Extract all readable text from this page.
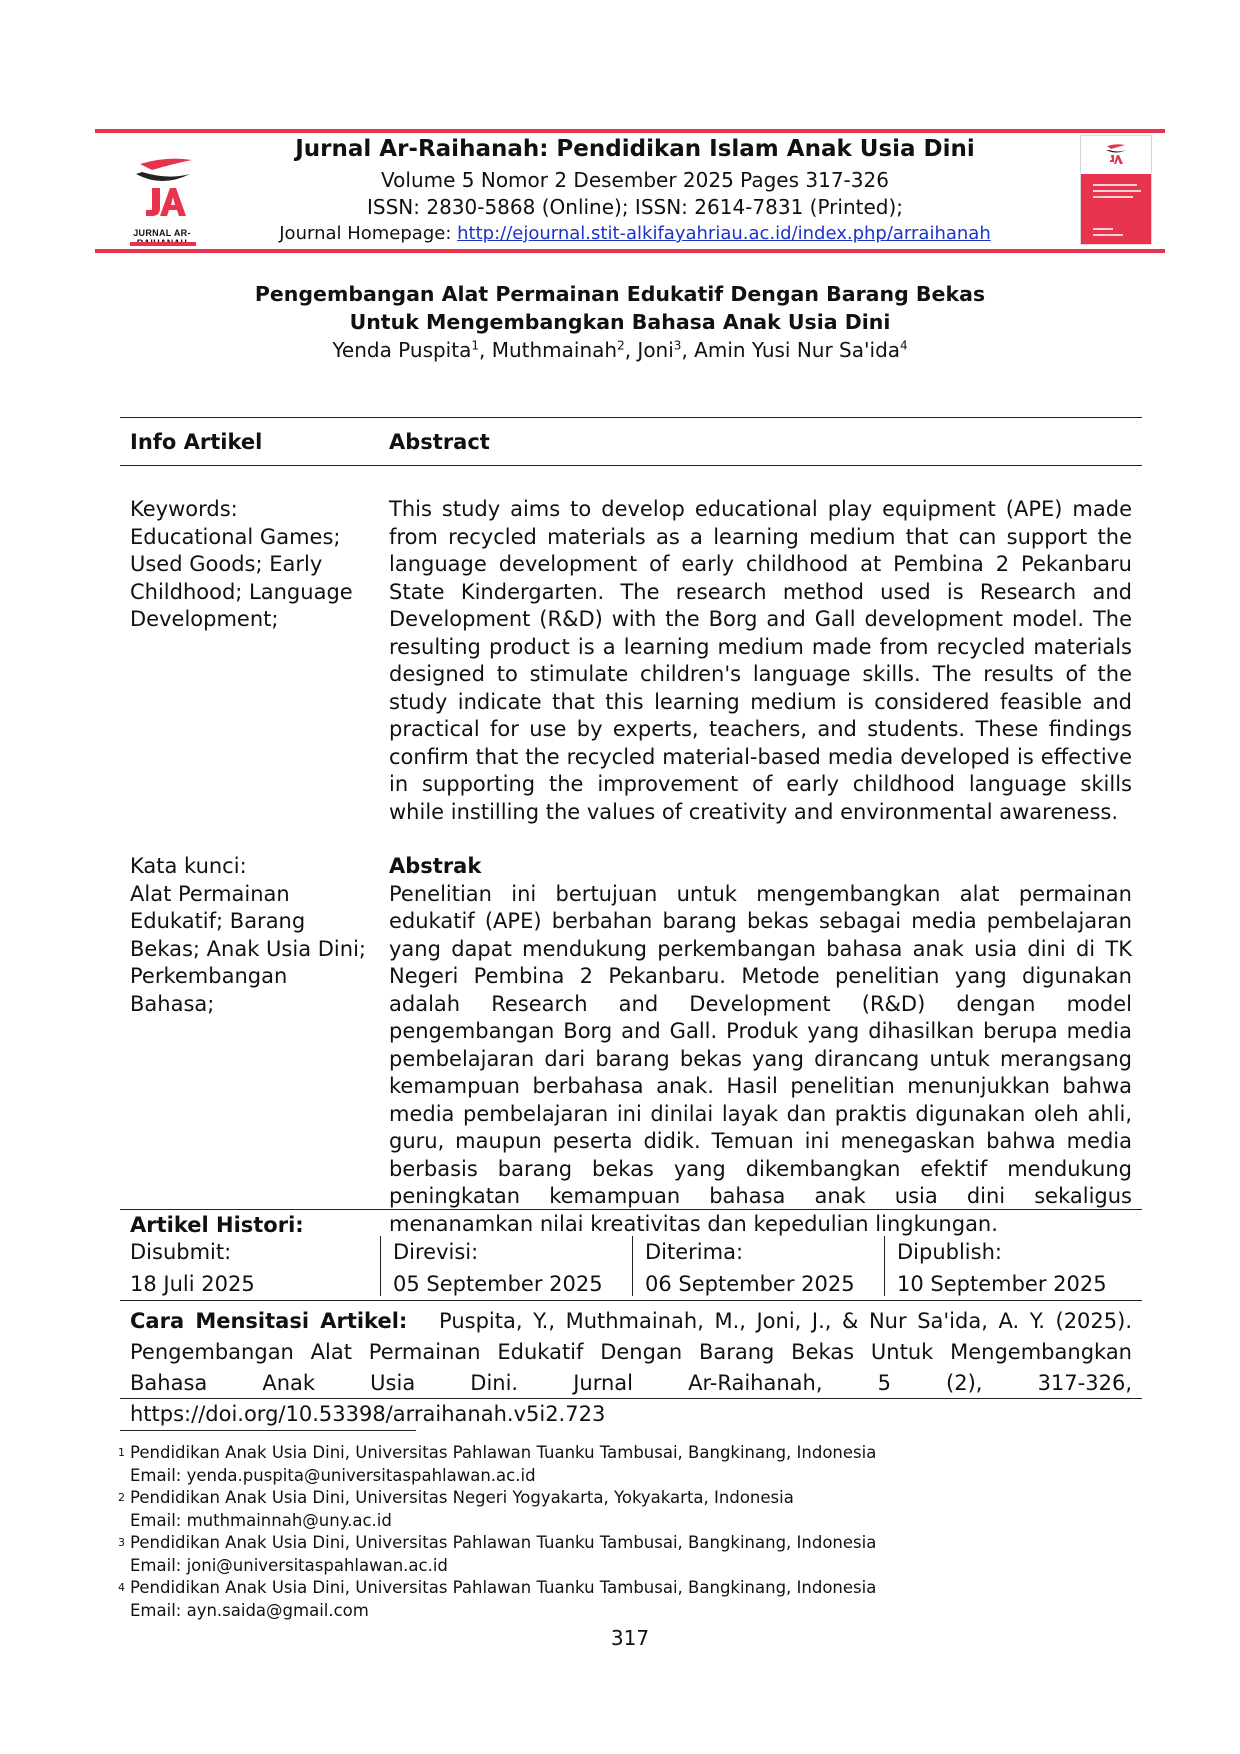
JURNAL AR-
Jurnal Ar-Raihanah: Pendidikan Islam Anak Usia Dini
Volume 5 Nomor 2 Desember 2025 Pages 317-326
ISSN: 2830-5868 (Online); ISSN: 2614-7831 (Printed);
Journal Homepage: http://ejournal.stit-alkifayahriau.ac.id/index.php/arraihanah
Pengembangan Alat Permainan Edukatif Dengan Barang Bekas
Untuk Mengembangkan Bahasa Anak Usia Dini
Yenda Puspita$^1$, Muthmainah$^2$, Joni$^3$, Amin Yusi Nur Sa'ida$^4$
Info Artikel	Abstract
Keywords:
Educational Games;
Used Goods; Early
Childhood; Language
Development;
This study aims to develop educational play equipment (APE) made from recycled materials as a learning medium that can support the language development of early childhood at Pembina 2 Pekanbaru State Kindergarten. The research method used is Research and Development (R&D) with the Borg and Gall development model. The resulting product is a learning medium made from recycled materials designed to stimulate children's language skills. The results of the study indicate that this learning medium is considered feasible and practical for use by experts, teachers, and students. These findings confirm that the recycled material-based media developed is effective in supporting the improvement of early childhood language skills while instilling the values of creativity and environmental awareness.
Kata kunci:
Alat Permainan
Edukatif; Barang
Bekas; Anak Usia Dini;
Perkembangan
Bahasa;
Abstrak
Penelitian ini bertujuan untuk mengembangkan alat permainan edukatif (APE) berbahan barang bekas sebagai media pembelajaran yang dapat mendukung perkembangan bahasa anak usia dini di TK Negeri Pembina 2 Pekanbaru. Metode penelitian yang digunakan adalah Research and Development (R&D) dengan model pengembangan Borg and Gall. Produk yang dihasilkan berupa media pembelajaran dari barang bekas yang dirancang untuk merangsang kemampuan berbahasa anak. Hasil penelitian menunjukkan bahwa media pembelajaran ini dinilai layak dan praktis digunakan oleh ahli, guru, maupun peserta didik. Temuan ini menegaskan bahwa media berbasis barang bekas yang dikembangkan efektif mendukung peningkatan kemampuan bahasa anak usia dini sekaligus menanamkan nilai kreativitas dan kepedulian lingkungan.
Artikel Histori:
Disubmit:
18 Juli 2025
Direvisi:
05 September 2025
Diterima:
06 September 2025
Dipublish:
10 September 2025
Cara Mensitasi Artikel: Puspita, Y., Muthmainah, M., Joni, J., & Nur Sa'ida, A. Y. (2025). Pengembangan Alat Permainan Edukatif Dengan Barang Bekas Untuk Mengembangkan Bahasa Anak Usia Dini. Jurnal Ar-Raihanah, 5 (2), 317-326, https://doi.org/10.53398/arraihanah.v5i2.723
1 Pendidikan Anak Usia Dini, Universitas Pahlawan Tuanku Tambusai, Bangkinang, Indonesia
Email: yenda.puspita@universitaspahlawan.ac.id
2 Pendidikan Anak Usia Dini, Universitas Negeri Yogyakarta, Yokyakarta, Indonesia
Email: muthmainnah@uny.ac.id
3 Pendidikan Anak Usia Dini, Universitas Pahlawan Tuanku Tambusai, Bangkinang, Indonesia
Email: joni@universitaspahlawan.ac.id
4 Pendidikan Anak Usia Dini, Universitas Pahlawan Tuanku Tambusai, Bangkinang, Indonesia
Email: ayn.saida@gmail.com
317
